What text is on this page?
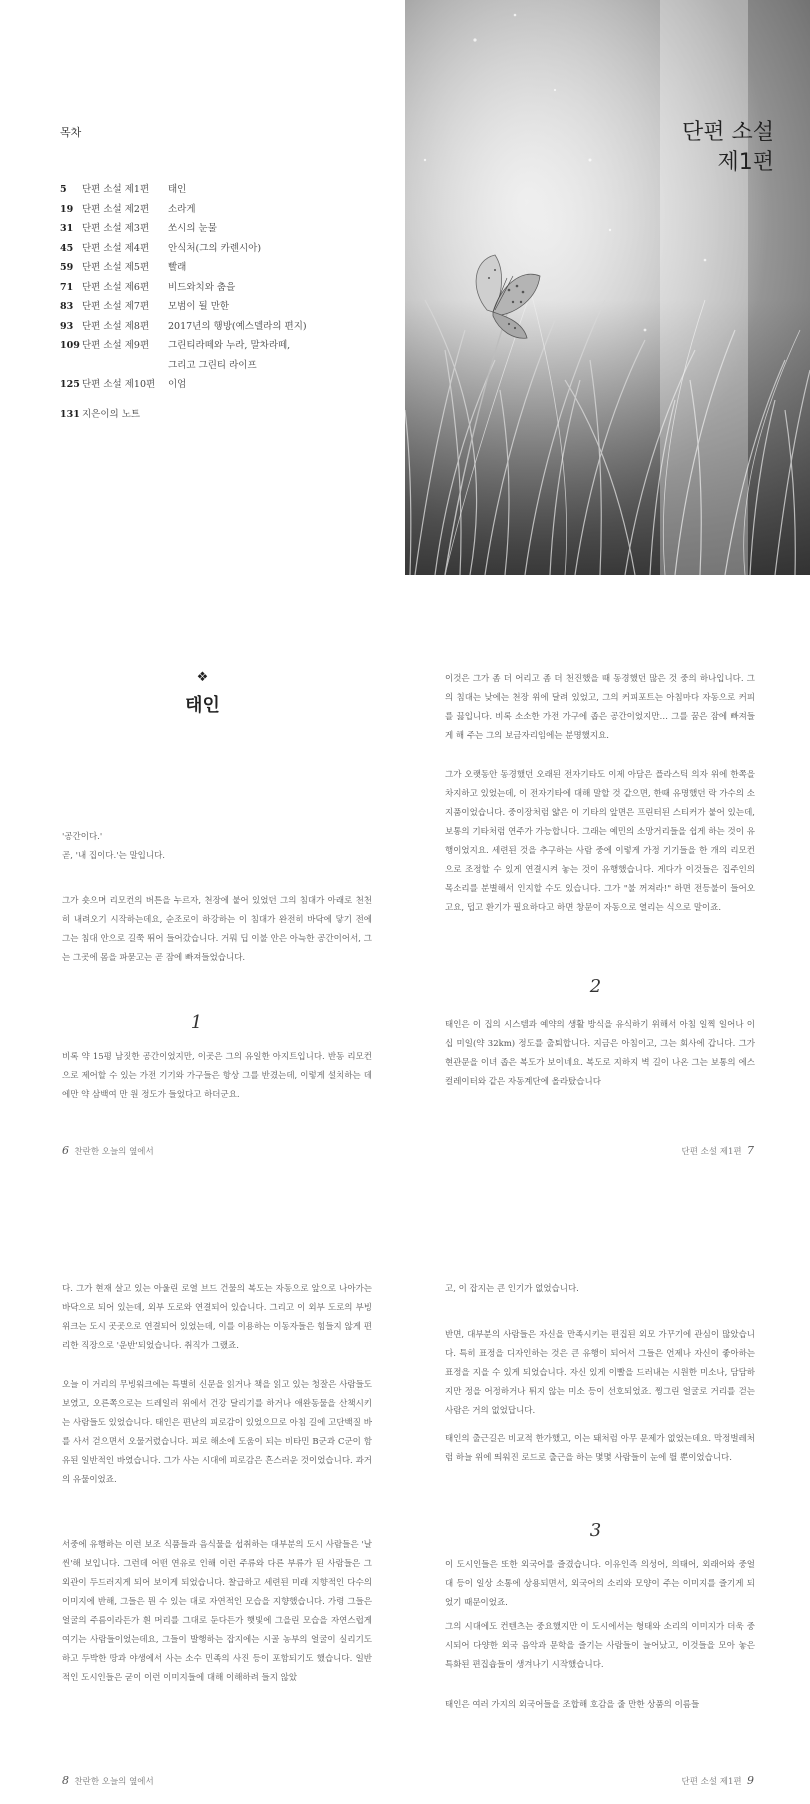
목차
5	단편 소설 제1편	태인
19 단편 소설 제2편	소라게
31 단편 소설 제3편	쏘시의 눈물
45 단편 소설 제4편	안식처(그의 카렌시아)
59 단편 소설 제5편	빨래
71 단편 소설 제6편	비드와치와 춤을
83 단편 소설 제7편	모범이 될 만한
93 단편 소설 제8편	2017년의 행방(예스델라의 편지)
109 단편 소설 제9편	그린티라떼와 누라, 말차라떼,
그리고 그린티 라이프
125 단편 소설 제10편	이엄
131 지은이의 노트
단편 소설
제1편
❖
태인
'공간이다.'
곧, '내 집이다.'는 말입니다.
그가 숏으며 리모컨의 버튼을 누르자, 천장에 붙어 있었던 그의 침대가 아래로 천천히 내려오기 시작하는데요, 순조로이 하강하는 이 침대가 완전히 바닥에 닿기 전에 그는 침대 안으로 길쭉 뛰어 들어갔습니다. 거뭐 딥 이불 안은 아늑한 공간이어서, 그는 그곳에 몸을 파묻고는 곧 잠에 빠져들었습니다.
1
비록 약 15평 남짓한 공간이었지만, 이곳은 그의 유일한 아지트입니다. 반동 리모컨으로 제어할 수 있는 가전 기기와 가구들은 항상 그를 반겼는데, 이렇게 설치하는 데에만 약 삼백여 만 원 정도가 들었다고 하더군요.
6 찬란한 오늘의 옆에서
이것은 그가 좀 더 어리고 좀 더 천진했을 때 동경했던 많은 것 중의 하나입니다. 그의 침대는 낮에는 천장 위에 달려 있었고, 그의 커피포트는 아침마다 자동으로 커피를 끓입니다. 비록 소소한 가전 가구에 좁은 공간이었지만… 그를 꿈은 잠에 빠져들게 해 주는 그의 보금자리임에는 분명했지요.
그가 오랫동안 동경했던 오래된 전자기타도 이제 아담은 플라스틱 의자 위에 한쪽을 차지하고 있었는데, 이 전자기타에 대해 말할 것 같으면, 한때 유명했던 락 가수의 소지품이었습니다. 중이장처럼 얇은 이 기타의 앞면은 프린터된 스티커가 붙어 있는데, 보통의 기타처럼 연주가 가능합니다. 그래는 예민의 소망거리들을 쉽게 하는 것이 유행이었지요. 세련된 것을 추구하는 사람 중에 이렇게 가정 기기들을 한 개의 리모컨으로 조정할 수 있게 연결시켜 놓는 것이 유행했습니다. 게다가 이것들은 집주인의 목소리를 분별해서 인지할 수도 있습니다. 그가 "불 꺼져라!" 하면 전등불이 들어오고요, 덥고 환기가 필요하다고 하면 창문이 자동으로 열리는 식으로 말이죠.
2
태인은 이 집의 시스템과 예약의 생활 방식을 유식하기 위해서 아침 일찍 일어나 이십 미일(약 32km) 정도를 출퇴합니다. 지금은 아침이고, 그는 회사에 갑니다. 그가 현관문을 이녀 좁은 복도가 보이네요. 복도로 지하지 벽 길이 나온 그는 보통의 에스컬레이터와 같은 자동계단에 올라탔습니다
단편 소설 제1편 7
다. 그가 현재 살고 있는 아울린 로열 브드 건물의 복도는 자동으로 앞으로 나아가는 바닥으로 되어 있는데, 외부 도로와 연결되어 있습니다. 그리고 이 외부 도로의 부빙위크는 도시 곳곳으로 연결되어 있었는데, 이를 이용하는 이동자들은 힘들지 않게 편리한 직장으로 '운반'되었습니다. 취직가 그랬죠.
오늘 이 거리의 무빙워크에는 특별히 신문을 읽거나 책을 읽고 있는 청잘은 사람들도 보였고, 오른쪽으로는 드레일러 위에서 건강 달리기를 하거나 애완동물을 산책시키는 사람들도 있었습니다. 태인은 편난의 피로감이 있었으므로 아침 길에 고단백질 바를 사서 걷으면서 오물거렸습니다. 피로 해소에 도움이 되는 비타민 B군과 C군이 함유된 일반적인 바였습니다. 그가 사는 시대에 피로감은 흔스러운 것이었습니다. 과거의 유물이었죠.
서중에 유행하는 이런 보조 식품들과 음식물을 섭취하는 대부분의 도시 사람들은 '날씬'해 보입니다. 그런데 어떤 연유로 인해 이런 주류와 다른 부류가 된 사람들은 그 외관이 두드러지게 되어 보이게 되었습니다. 찰급하고 세련된 미래 지향적인 다수의 이미지에 반해, 그들은 뭔 수 있는 대로 자연적인 모습을 지향했습니다. 가령 그들은 얼굴의 주름이라든가 흰 머리를 그대로 둔다든가 햇빛에 그을린 모습을 자연스럽게 여기는 사람들이었는데요, 그들이 발행하는 잡지에는 시골 농부의 얼굴이 실리기도 하고 두박한 땅과 야생에서 사는 소수 민족의 사진 등이 포함되기도 했습니다. 일반적인 도시인들은 굳이 이런 이미지들에 대해 이해하려 들지 않았
8 찬란한 오늘의 옆에서
고, 이 잡지는 큰 인기가 없었습니다.
반면, 대부분의 사람들은 자신을 만족시키는 편집된 외모 가꾸기에 관심이 많았습니다. 특히 표정을 디자인하는 것은 큰 유행이 되어서 그들은 언제나 자신이 좋아하는 표정을 지을 수 있게 되었습니다. 자신 있게 이빨을 드러내는 시원한 미소나, 담담하지만 정을 어정하거나 튀지 않는 미소 등이 선호되었죠. 찡그린 얼굴로 거리를 걷는 사람은 거의 없었답니다.
태인의 출근길은 비교적 한가했고, 이는 돼처럼 아무 문제가 없었는데요. 막정벌레처럼 하늘 위에 띄워진 로드로 출근을 하는 몇몇 사람들이 눈에 띌 뿐이었습니다.
3
이 도시인들은 또한 외국어를 즐겼습니다. 이유인즉 의성어, 의태어, 외래어와 중얼대 등이 일상 소통에 상용되면서, 외국어의 소리와 모양이 주는 이미지를 즐기게 되었기 때문이었죠.
그의 시대에도 컨텐츠는 중요했지만 이 도시에서는 형태와 소리의 이미지가 더욱 중시되어 다양한 외국 음악과 문학을 즐기는 사람들이 늘어났고, 이것들을 모아 놓은 특화된 편집숍들이 생겨나기 시작했습니다.
태인은 여러 가지의 외국어들을 조합해 호감을 줄 만한 상품의 이름들
단편 소설 제1편 9
